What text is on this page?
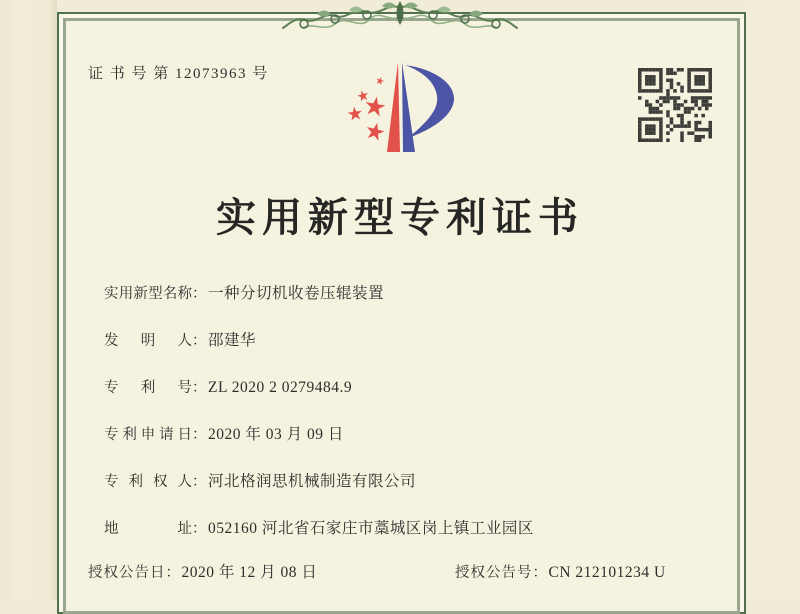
证 书 号 第 12073963 号
实用新型专利证书
实用新型名称：一种分切机收卷压辊装置
发明人：邵建华
专利号：ZL 2020 2 0279484.9
专利申请日：2020 年 03 月 09 日
专利权人：河北格润思机械制造有限公司
地址：052160 河北省石家庄市藁城区岗上镇工业园区
授权公告日：2020 年 12 月 08 日	授权公告号：CN 212101234 U
